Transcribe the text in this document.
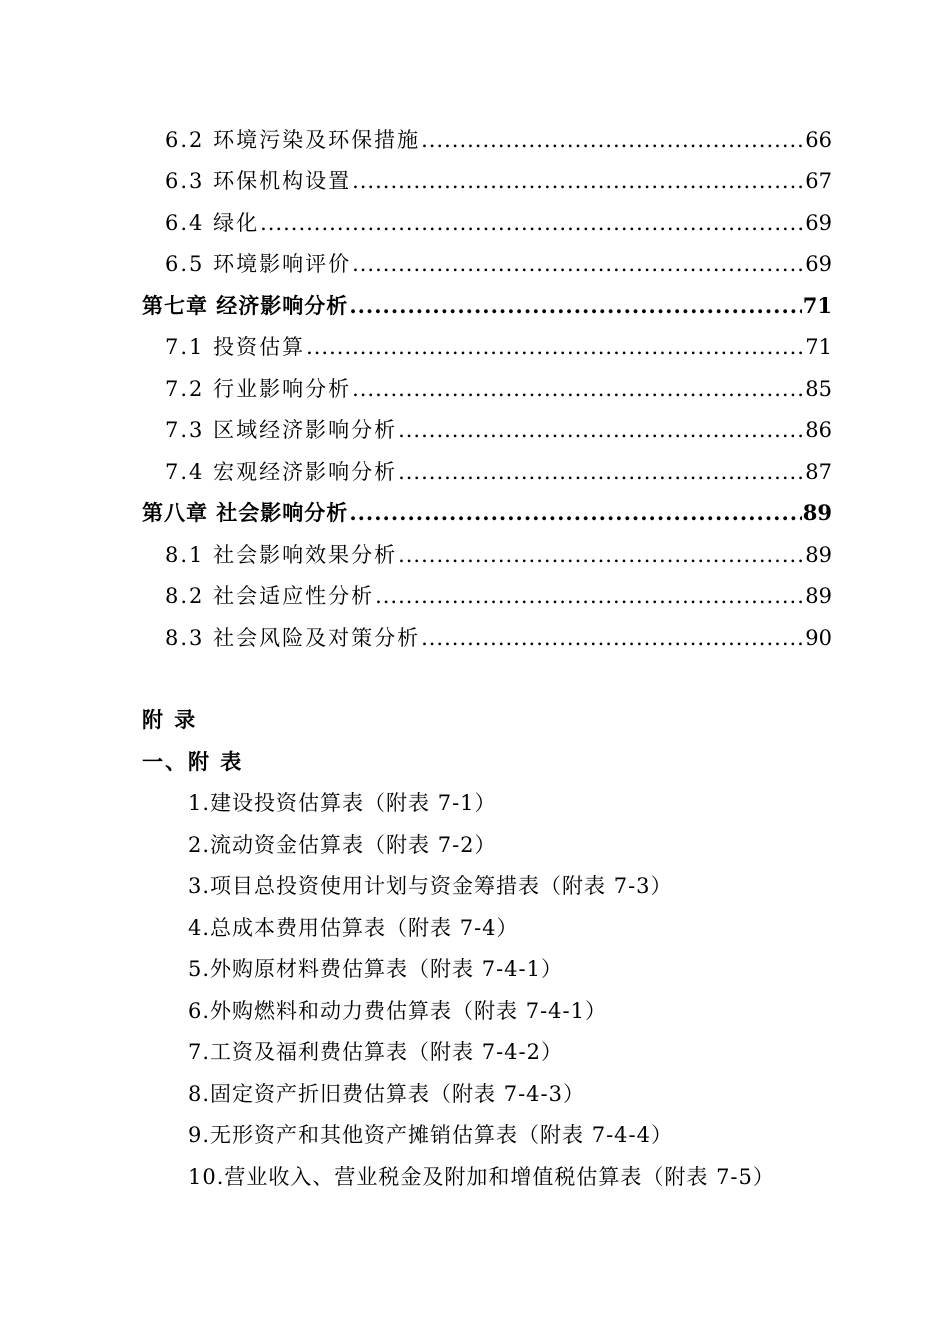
6.2 环境污染及环保措施 .....	66
6.3 环保机构设置 .....	67
6.4 绿化 .....	69
6.5 环境影响评价 .....	69
第七章 经济影响分析 .....	71
7.1 投资估算 .....	71
7.2 行业影响分析 .....	85
7.3 区域经济影响分析 .....	86
7.4 宏观经济影响分析 .....	87
第八章 社会影响分析 .....	89
8.1 社会影响效果分析 .....	89
8.2 社会适应性分析 .....	89
8.3 社会风险及对策分析 .....	90
附 录
一、附 表
1.建设投资估算表（附表 7-1）
2.流动资金估算表（附表 7-2）
3.项目总投资使用计划与资金筹措表（附表 7-3）
4.总成本费用估算表（附表 7-4）
5.外购原材料费估算表（附表 7-4-1）
6.外购燃料和动力费估算表（附表 7-4-1）
7.工资及福利费估算表（附表 7-4-2）
8.固定资产折旧费估算表（附表 7-4-3）
9.无形资产和其他资产摊销估算表（附表 7-4-4）
10.营业收入、营业税金及附加和增值税估算表（附表 7-5）
